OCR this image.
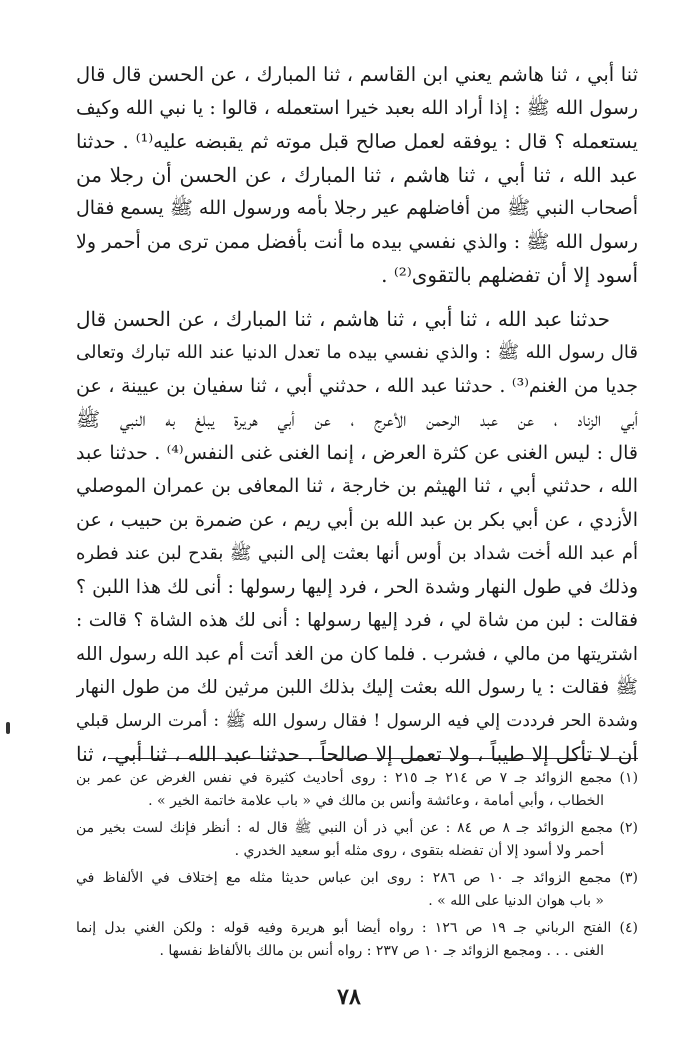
ثنا أبي ، ثنا هاشم يعني ابن القاسم ، ثنا المبارك ، عن الحسن قال قال
رسول الله ﷺ : إذا أراد الله بعبد خيرا استعمله ، قالوا : يا نبي الله وكيف
يستعمله ؟ قال : يوفقه لعمل صالح قبل موته ثم يقبضه عليه⁽¹⁾ . حدثنا
عبد الله ، ثنا أبي ، ثنا هاشم ، ثنا المبارك ، عن الحسن أن رجلا من
أصحاب النبي ﷺ من أفاضلهم عير رجلا بأمه ورسول الله ﷺ يسمع فقال
رسول الله ﷺ : والذي نفسي بيده ما أنت بأفضل ممن ترى من أحمر ولا
أسود إلا أن تفضلهم بالتقوى⁽²⁾ .
حدثنا عبد الله ، ثنا أبي ، ثنا هاشم ، ثنا المبارك ، عن الحسن قال
قال رسول الله ﷺ : والذي نفسي بيده ما تعدل الدنيا عند الله تبارك وتعالى
جديا من الغنم⁽³⁾ . حدثنا عبد الله ، حدثني أبي ، ثنا سفيان بن عيينة ، عن
أبي الزناد ، عن عبد الرحمن الأعرج ، عن أبي هريرة يبلغ به النبي ﷺ
قال : ليس الغنى عن كثرة العرض ، إنما الغنى غنى النفس⁽⁴⁾ . حدثنا عبد
الله ، حدثني أبي ، ثنا الهيثم بن خارجة ، ثنا المعافى بن عمران الموصلي
الأزدي ، عن أبي بكر بن عبد الله بن أبي ريم ، عن ضمرة بن حبيب ، عن
أم عبد الله أخت شداد بن أوس أنها بعثت إلى النبي ﷺ بقدح لبن عند فطره
وذلك في طول النهار وشدة الحر ، فرد إليها رسولها : أنى لك هذا اللبن ؟
فقالت : لبن من شاة لي ، فرد إليها رسولها : أنى لك هذه الشاة ؟ قالت :
اشتريتها من مالي ، فشرب . فلما كان من الغد أتت أم عبد الله رسول الله
ﷺ فقالت : يا رسول الله بعثت إليك بذلك اللبن مرثين لك من طول النهار
وشدة الحر فرددت إلي فيه الرسول ! فقال رسول الله ﷺ : أمرت الرسل قبلي
أن لا تأكل إلا طيباً ، ولا تعمل إلا صالحاً . حدثنا عبد الله ، ثنا أبي ، ثنا
(١) مجمع الزوائد جـ ٧ ص ٢١٤ جـ ٢١٥ : روى أحاديث كثيرة في نفس الغرض عن عمر بن
الخطاب ، وأبي أمامة ، وعائشة وأنس بن مالك في « باب علامة خاتمة الخير » .
(٢) مجمع الزوائد جـ ٨ ص ٨٤ : عن أبي ذر أن النبي ﷺ قال له : أنظر فإنك لست بخير من
أحمر ولا أسود إلا أن تفضله بتقوى ، روى مثله أبو سعيد الخدري .
(٣) مجمع الزوائد جـ ١٠ ص ٢٨٦ : روى ابن عباس حديثا مثله مع إختلاف في الألفاظ في
« باب هوان الدنيا على الله » .
(٤) الفتح الرباني جـ ١٩ ص ١٢٦ : رواه أيضا أبو هريرة وفيه قوله : ولكن الغني بدل إنما
الغنى . . . ومجمع الزوائد جـ ١٠ ص ٢٣٧ : رواه أنس بن مالك بالألفاظ نفسها .
٧٨
